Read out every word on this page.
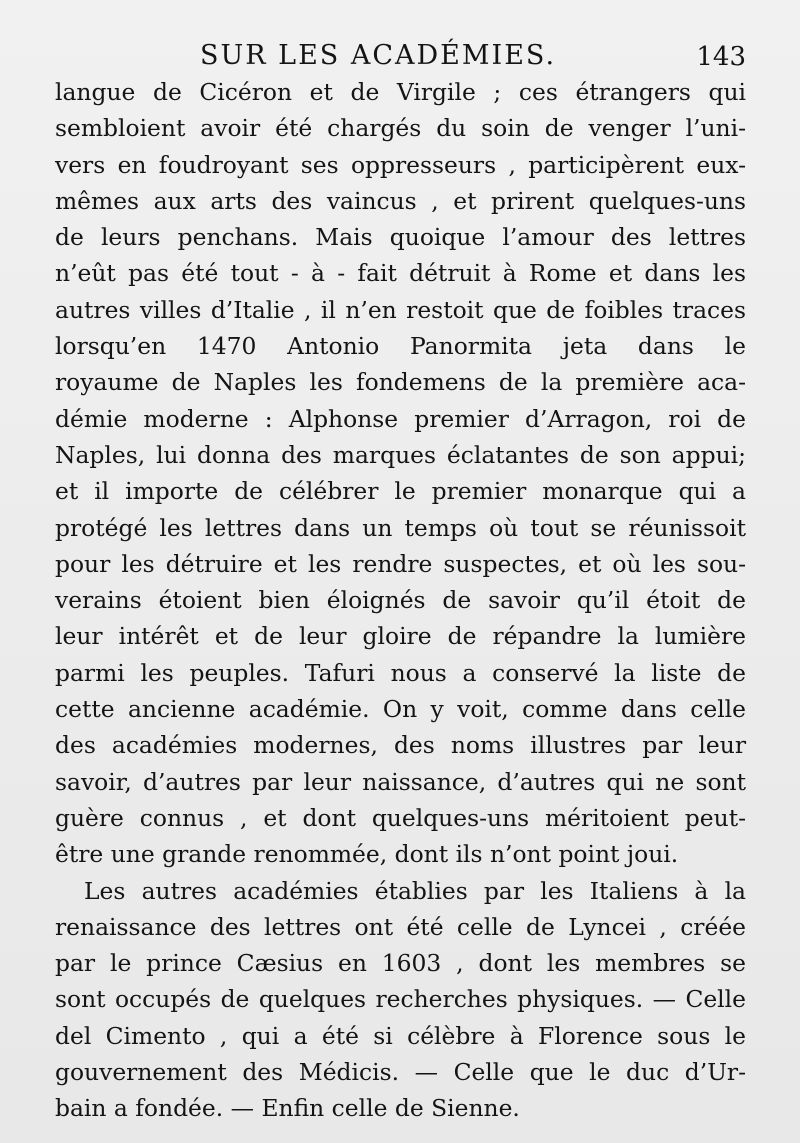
SUR LES ACADÉMIES.	143
langue de Cicéron et de Virgile ; ces étrangers qui
sembloient avoir été chargés du soin de venger l’uni-
vers en foudroyant ses oppresseurs , participèrent eux-
mêmes aux arts des vaincus , et prirent quelques-uns
de leurs penchans. Mais quoique l’amour des lettres
n’eût pas été tout - à - fait détruit à Rome et dans les
autres villes d’Italie , il n’en restoit que de foibles traces
lorsqu’en 1470 Antonio Panormita jeta dans le
royaume de Naples les fondemens de la première aca-
démie moderne : Alphonse premier d’Arragon, roi de
Naples, lui donna des marques éclatantes de son appui;
et il importe de célébrer le premier monarque qui a
protégé les lettres dans un temps où tout se réunissoit
pour les détruire et les rendre suspectes, et où les sou-
verains étoient bien éloignés de savoir qu’il étoit de
leur intérêt et de leur gloire de répandre la lumière
parmi les peuples. Tafuri nous a conservé la liste de
cette ancienne académie. On y voit, comme dans celle
des académies modernes, des noms illustres par leur
savoir, d’autres par leur naissance, d’autres qui ne sont
guère connus , et dont quelques-uns méritoient peut-
être une grande renommée, dont ils n’ont point joui.
Les autres académies établies par les Italiens à la
renaissance des lettres ont été celle de Lyncei , créée
par le prince Cæsius en 1603 , dont les membres se
sont occupés de quelques recherches physiques. — Celle
del Cimento , qui a été si célèbre à Florence sous le
gouvernement des Médicis. — Celle que le duc d’Ur-
bain a fondée. — Enfin celle de Sienne.
